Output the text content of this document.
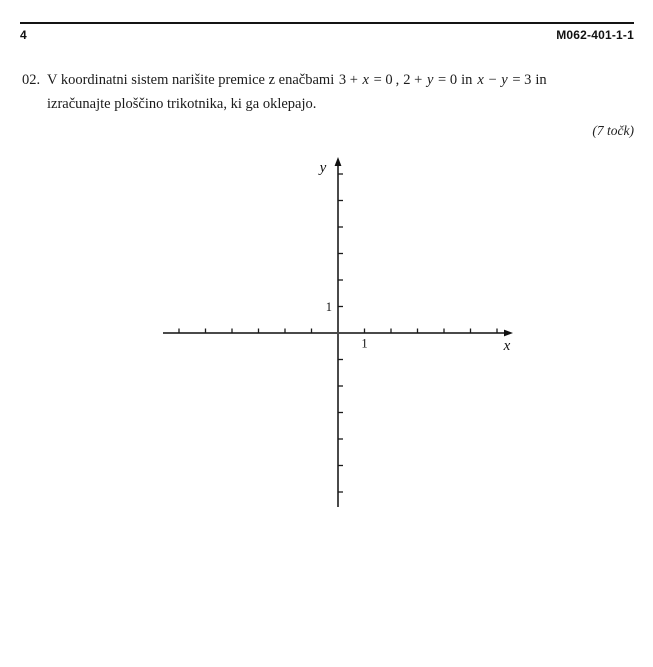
4	M062-401-1-1
02. V koordinatni sistem narišite premice z enačbami 3 + x = 0 , 2 + y = 0 in x − y = 3 in

izračunajte ploščino trikotnika, ki ga oklepajo.

(7 točk)
1
1
x
y
